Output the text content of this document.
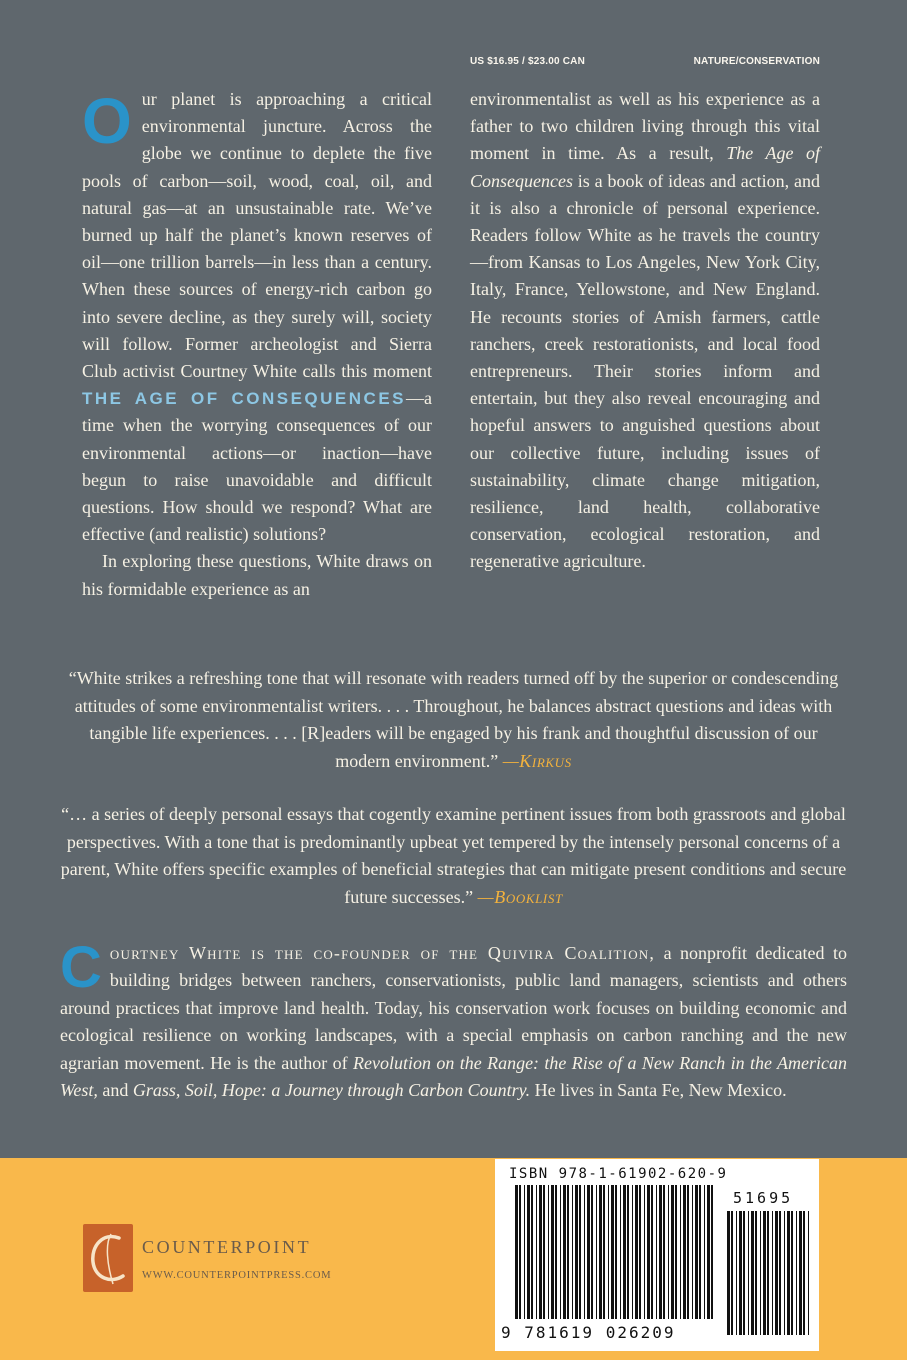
US $16.95 / $23.00 CAN	NATURE/CONSERVATION

Our planet is approaching a critical environmental juncture. Across the globe we continue to deplete the five pools of carbon—soil, wood, coal, oil, and natural gas—at an unsustainable rate. We’ve burned up half the planet’s known reserves of oil—one trillion barrels—in less than a century. When these sources of energy-rich carbon go into severe decline, as they surely will, society will follow. Former archeologist and Sierra Club activist Courtney White calls this moment THE AGE OF CONSEQUENCES—a time when the worrying consequences of our environmental actions—or inaction—have begun to raise unavoidable and difficult questions. How should we respond? What are effective (and realistic) solutions?

In exploring these questions, White draws on his formidable experience as an

environmentalist as well as his experience as a father to two children living through this vital moment in time. As a result, The Age of Consequences is a book of ideas and action, and it is also a chronicle of personal experience. Readers follow White as he travels the country—from Kansas to Los Angeles, New York City, Italy, France, Yellowstone, and New England. He recounts stories of Amish farmers, cattle ranchers, creek restorationists, and local food entrepreneurs. Their stories inform and entertain, but they also reveal encouraging and hopeful answers to anguished questions about our collective future, including issues of sustainability, climate change mitigation, resilience, land health, collaborative conservation, ecological restoration, and regenerative agriculture.

“White strikes a refreshing tone that will resonate with readers turned off by the superior or condescending attitudes of some environmentalist writers. . . . Throughout, he balances abstract questions and ideas with tangible life experiences. . . . [R]eaders will be engaged by his frank and thoughtful discussion of our modern environment.” —Kirkus
“… a series of deeply personal essays that cogently examine pertinent issues from both grassroots and global perspectives. With a tone that is predominantly upbeat yet tempered by the intensely personal concerns of a parent, White offers specific examples of beneficial strategies that can mitigate present conditions and secure future successes.” —Booklist
Courtney White is the co-founder of the Quivira Coalition, a nonprofit dedicated to building bridges between ranchers, conservationists, public land managers, scientists and others around practices that improve land health. Today, his conservation work focuses on building economic and ecological resilience on working landscapes, with a special emphasis on carbon ranching and the new agrarian movement. He is the author of Revolution on the Range: the Rise of a New Ranch in the American West, and Grass, Soil, Hope: a Journey through Carbon Country. He lives in Santa Fe, New Mexico.
COUNTERPOINT
WWW.COUNTERPOINTPRESS.COM
ISBN 978-1-61902-620-9
51695
9 781619 026209
